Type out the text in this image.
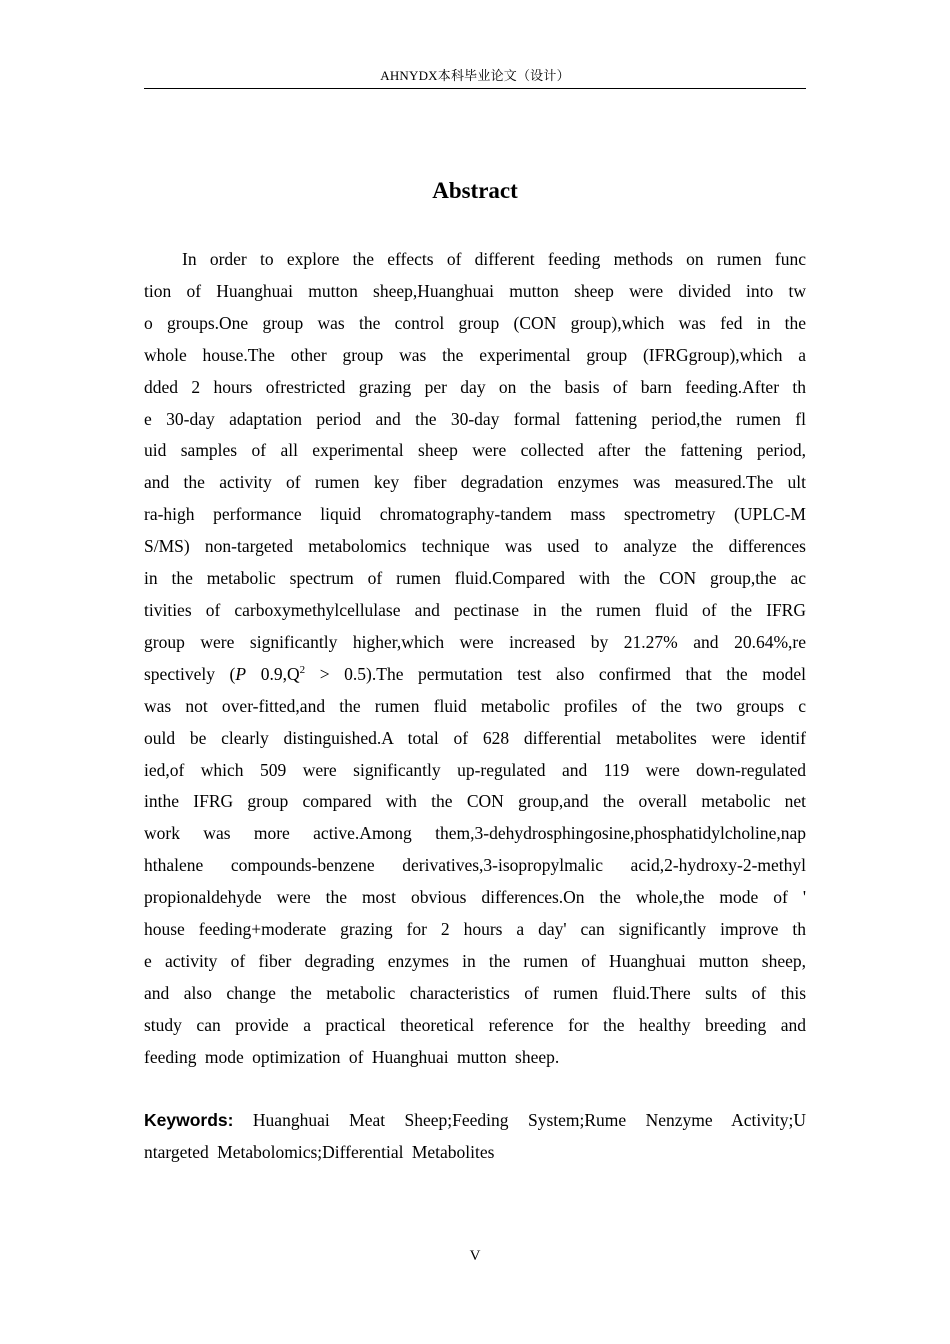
AHNYDX本科毕业论文（设计）
Abstract
In order to explore the effects of different feeding methods on rumen func
tion of Huanghuai mutton sheep,Huanghuai mutton sheep were divided into tw
o groups.One group was the control group (CON group),which was fed in the
whole house.The other group was the experimental group (IFRGgroup),which a
dded 2 hours ofrestricted grazing per day on the basis of barn feeding.After th
e 30-day adaptation period and the 30-day formal fattening period,the rumen fl
uid samples of all experimental sheep were collected after the fattening period,
and the activity of rumen key fiber degradation enzymes was measured.The ult
ra-high performance liquid chromatography-tandem mass spectrometry (UPLC-M
S/MS) non-targeted metabolomics technique was used to analyze the differences
in the metabolic spectrum of rumen fluid.Compared with the CON group,the ac
tivities of carboxymethylcellulase and pectinase in the rumen fluid of the IFRG
group were significantly higher,which were increased by 21.27% and 20.64%,re
spectively (P $0.9,Q^2 > 0.5).The$ permutation test also confirmed that the model
was not over-fitted,and the rumen fluid metabolic profiles of the two groups c
ould be clearly distinguished.A total of 628 differential metabolites were identif
ied,of which 509 were significantly up-regulated and 119 were down-regulated
inthe IFRG group compared with the CON group,and the overall metabolic net
work was more active.Among them,3-dehydrosphingosine,phosphatidylcholine,nap
hthalene compounds-benzene derivatives,3-isopropylmalic acid,2-hydroxy-2-methyl
propionaldehyde were the most obvious differences.On the whole,the mode of '
house feeding+moderate grazing for 2 hours a day' can significantly improve th
e activity of fiber degrading enzymes in the rumen of Huanghuai mutton sheep,
and also change the metabolic characteristics of rumen fluid.There sults of this
study can provide a practical theoretical reference for the healthy breeding and
feeding mode optimization of Huanghuai mutton sheep.
Keywords: Huanghuai Meat Sheep;Feeding System;Rume Nenzyme Activity;U
ntargeted Metabolomics;Differential Metabolites
V
